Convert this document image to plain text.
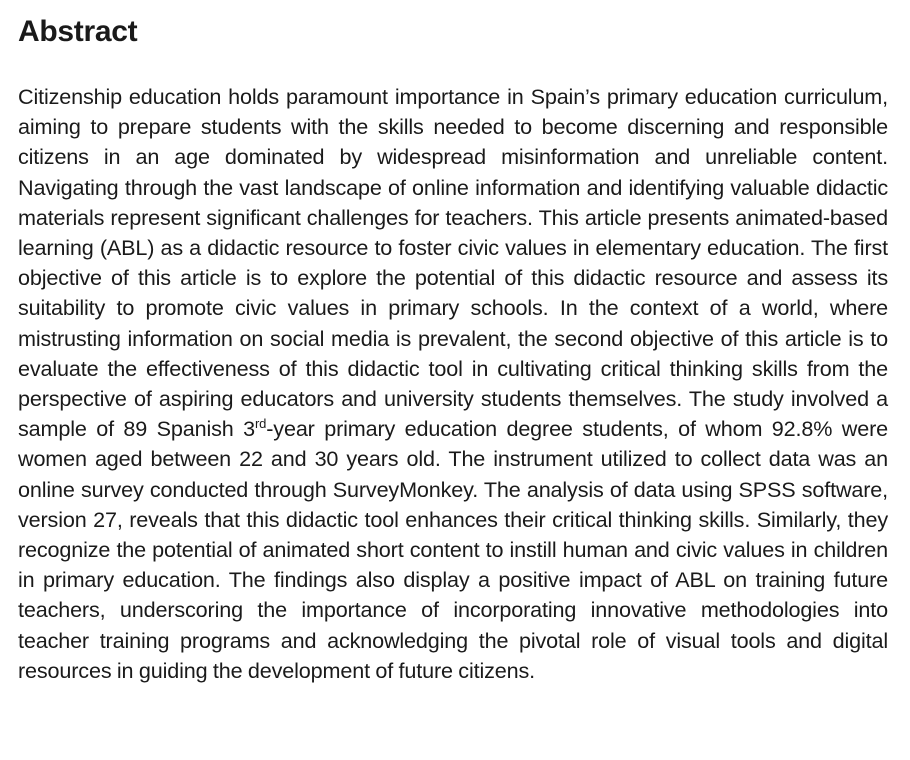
Abstract

Citizenship education holds paramount importance in Spain’s primary education curriculum, aiming to prepare students with the skills needed to become discerning and responsible citizens in an age dominated by widespread misinformation and unreliable content. Navigating through the vast landscape of online information and identifying valuable didactic materials represent significant challenges for teachers. This article presents animated-based learning (ABL) as a didactic resource to foster civic values in elementary education. The first objective of this article is to explore the potential of this didactic resource and assess its suitability to promote civic values in primary schools. In the context of a world, where mistrusting information on social media is prevalent, the second objective of this article is to evaluate the effectiveness of this didactic tool in cultivating critical thinking skills from the perspective of aspiring educators and university students themselves. The study involved a sample of 89 Spanish 3rd-year primary education degree students, of whom 92.8% were women aged between 22 and 30 years old. The instrument utilized to collect data was an online survey conducted through SurveyMonkey. The analysis of data using SPSS software, version 27, reveals that this didactic tool enhances their critical thinking skills. Similarly, they recognize the potential of animated short content to instill human and civic values in children in primary education. The findings also display a positive impact of ABL on training future teachers, underscoring the importance of incorporating innovative methodologies into teacher training programs and acknowledging the pivotal role of visual tools and digital resources in guiding the development of future citizens.
